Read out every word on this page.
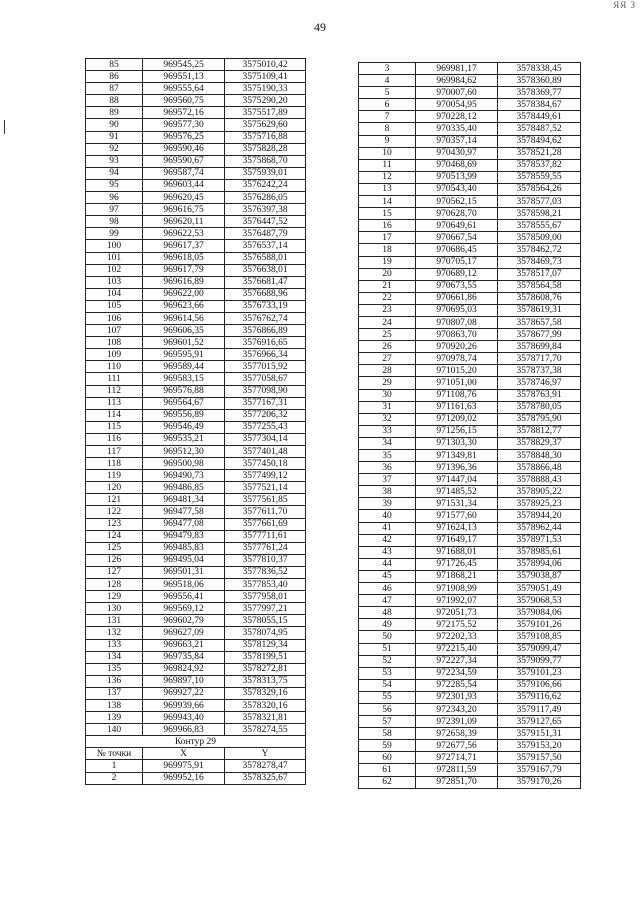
ЯЯ З
49
85	969545,25	3575010,42
86	969551,13	3575109,41
87	969555,64	3575190,33
88	969560,75	3575290,20
89	969572,16	3575517,89
90	969577,30	3575629,60
91	969576,25	3575716,88
92	969590,46	3575828,28
93	969590,67	3575868,70
94	969587,74	3575939,01
95	969603,44	3576242,24
96	969620,45	3576286,05
97	969616,75	3576397,38
98	969620,11	3576447,52
99	969622,53	3576487,79
100	969617,37	3576537,14
101	969618,05	3576588,01
102	969617,79	3576638,01
103	969616,89	3576681,47
104	969622,00	3576688,96
105	969623,66	3576733,19
106	969614,56	3576762,74
107	969606,35	3576866,89
108	969601,52	3576916,65
109	969595,91	3576966,34
110	969589,44	3577015,92
111	969583,15	3577058,67
112	969576,88	3577098,90
113	969564,67	3577167,31
114	969556,89	3577206,32
115	969546,49	3577255,43
116	969535,21	3577304,14
117	969512,30	3577401,48
118	969500,98	3577450,18
119	969490,73	3577499,12
120	969486,85	3577521,14
121	969481,34	3577561,85
122	969477,58	3577611,70
123	969477,08	3577661,69
124	969479,83	3577711,61
125	969485,83	3577761,24
126	969495,04	3577810,37
127	969501,31	3577836,52
128	969518,06	3577853,40
129	969556,41	3577958,01
130	969569,12	3577997,21
131	969602,79	3578055,15
132	969627,09	3578074,95
133	969663,21	3578129,34
134	969735,84	3578199,51
135	969824,92	3578272,81
136	969897,10	3578313,75
137	969927,22	3578329,16
138	969939,66	3578320,16
139	969943,40	3578321,81
140	969966,83	3578274,55
Контур 29		
№ точки	X	Y
1	969975,91	3578278,47
2	969952,16	3578325,67
3	969981,17	3578338,45
4	969984,62	3578360,89
5	970007,60	3578369,77
6	970054,95	3578384,67
7	970228,12	3578449,61
8	970335,40	3578487,52
9	970357,14	3578494,62
10	970430,97	3578521,28
11	970468,69	3578537,82
12	970513,99	3578559,55
13	970543,40	3578564,26
14	970562,15	3578577,03
15	970628,70	3578598,21
16	970649,61	3578555,67
17	970667,54	3578509,00
18	970686,45	3578462,72
19	970705,17	3578469,73
20	970689,12	3578517,07
21	970673,55	3578564,58
22	970661,86	3578608,76
23	970695,03	3578619,31
24	970807,08	3578657,58
25	970863,70	3578677,99
26	970920,26	3578699,84
27	970978,74	3578717,70
28	971015,20	3578737,38
29	971051,00	3578746,97
30	971108,76	3578763,91
31	971161,63	3578780,05
32	971209,02	3578795,90
33	971256,15	3578812,77
34	971303,30	3578829,37
35	971349,81	3578848,30
36	971396,36	3578866,48
37	971447,04	3578888,43
38	971485,52	3578905,22
39	971531,34	3578925,23
40	971577,60	3578944,20
41	971624,13	3578962,44
42	971649,17	3578971,53
43	971688,01	3578985,61
44	971726,45	3578994,06
45	971868,21	3579038,87
46	971908,99	3579051,49
47	971992,07	3579068,53
48	972051,73	3579084,06
49	972175,52	3579101,26
50	972202,33	3579108,85
51	972215,40	3579099,47
52	972227,34	3579099,77
53	972234,59	3579101,23
54	972285,54	3579106,66
55	972301,93	3579116,62
56	972343,20	3579117,49
57	972391,09	3579127,65
58	972658,39	3579151,31
59	972677,56	3579153,20
60	972714,71	3579157,50
61	972811,59	3579167,79
62	972851,70	3579170,26
